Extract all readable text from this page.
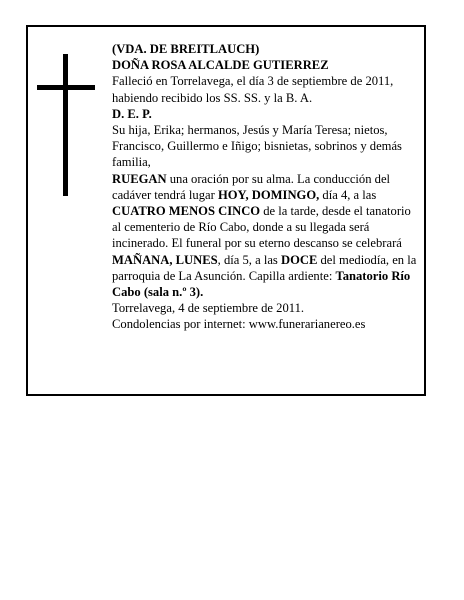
(VDA. DE BREITLAUCH)

DOÑA ROSA ALCALDE GUTIERREZ

Falleció en Torrelavega, el día 3 de septiembre de 2011, habiendo recibido los SS. SS. y la B. A.

D. E. P.

Su hija, Erika; hermanos, Jesús y María Teresa; nietos, Francisco, Guillermo e Iñigo; bisnietas, sobrinos y demás familia,

RUEGAN una oración por su alma. La conducción del cadáver tendrá lugar HOY, DOMINGO, día 4, a las CUATRO MENOS CINCO de la tarde, desde el tanatorio al cementerio de Río Cabo, donde a su llegada será incinerado. El funeral por su eterno descanso se celebrará MAÑANA, LUNES, día 5, a las DOCE del mediodía, en la parroquia de La Asunción. Capilla ardiente: Tanatorio Río Cabo (sala n.º 3).

Torrelavega, 4 de septiembre de 2011.

Condolencias por internet: www.funerarianereo.es
